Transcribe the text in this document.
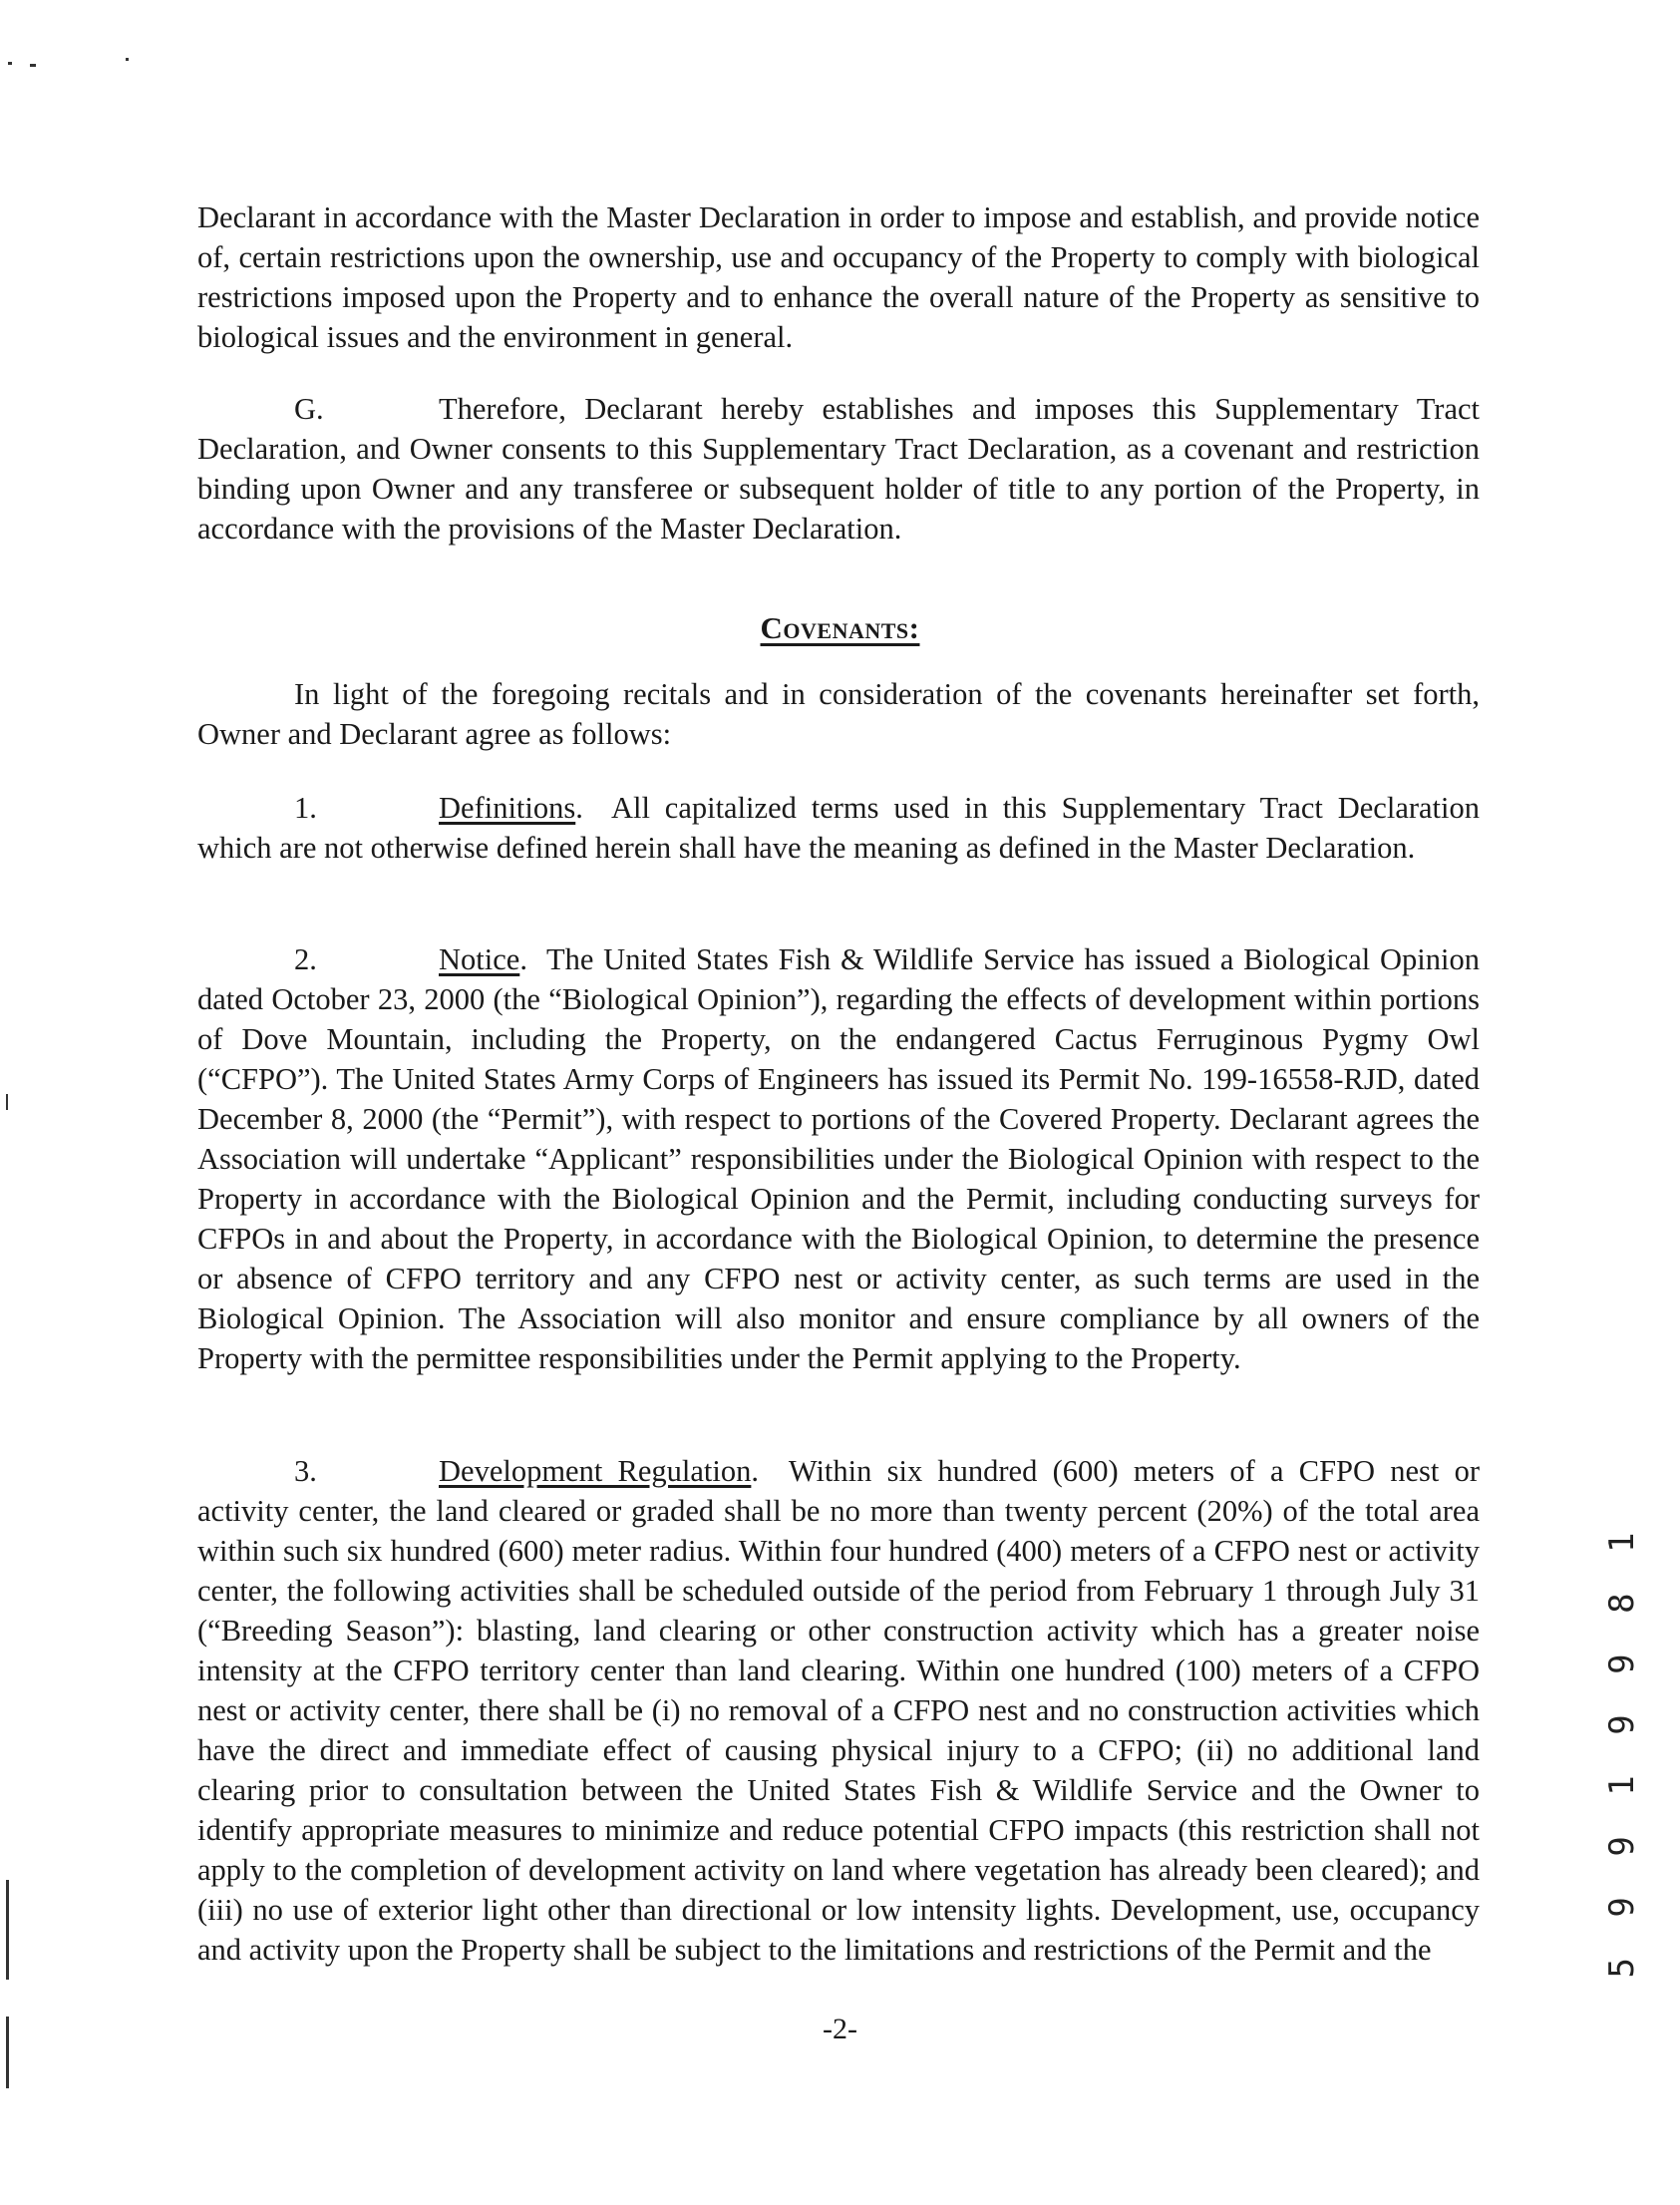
Declarant in accordance with the Master Declaration in order to impose and establish, and provide notice of, certain restrictions upon the ownership, use and occupancy of the Property to comply with biological restrictions imposed upon the Property and to enhance the overall nature of the Property as sensitive to biological issues and the environment in general.

G.	Therefore, Declarant hereby establishes and imposes this Supplementary Tract Declaration, and Owner consents to this Supplementary Tract Declaration, as a covenant and restriction binding upon Owner and any transferee or subsequent holder of title to any portion of the Property, in accordance with the provisions of the Master Declaration.

Covenants:

In light of the foregoing recitals and in consideration of the covenants hereinafter set forth, Owner and Declarant agree as follows:

1.	Definitions.  All capitalized terms used in this Supplementary Tract Declaration which are not otherwise defined herein shall have the meaning as defined in the Master Declaration.

2.	Notice.  The United States Fish & Wildlife Service has issued a Biological Opinion dated October 23, 2000 (the “Biological Opinion”), regarding the effects of development within portions of Dove Mountain, including the Property, on the endangered Cactus Ferruginous Pygmy Owl (“CFPO”). The United States Army Corps of Engineers has issued its Permit No. 199-16558-RJD, dated December 8, 2000 (the “Permit”), with respect to portions of the Covered Property. Declarant agrees the Association will undertake “Applicant” responsibilities under the Biological Opinion with respect to the Property in accordance with the Biological Opinion and the Permit, including conducting surveys for CFPOs in and about the Property, in accordance with the Biological Opinion, to determine the presence or absence of CFPO territory and any CFPO nest or activity center, as such terms are used in the Biological Opinion. The Association will also monitor and ensure compliance by all owners of the Property with the permittee responsibilities under the Permit applying to the Property.

3.	Development Regulation.  Within six hundred (600) meters of a CFPO nest or activity center, the land cleared or graded shall be no more than twenty percent (20%) of the total area within such six hundred (600) meter radius. Within four hundred (400) meters of a CFPO nest or activity center, the following activities shall be scheduled outside of the period from February 1 through July 31 (“Breeding Season”): blasting, land clearing or other construction activity which has a greater noise intensity at the CFPO territory center than land clearing. Within one hundred (100) meters of a CFPO nest or activity center, there shall be (i) no removal of a CFPO nest and no construction activities which have the direct and immediate effect of causing physical injury to a CFPO; (ii) no additional land clearing prior to consultation between the United States Fish & Wildlife Service and the Owner to identify appropriate measures to minimize and reduce potential CFPO impacts (this restriction shall not apply to the completion of development activity on land where vegetation has already been cleared); and (iii) no use of exterior light other than directional or low intensity lights. Development, use, occupancy and activity upon the Property shall be subject to the limitations and restrictions of the Permit and the

-2-

5 9 9 1 9 9 8 1
